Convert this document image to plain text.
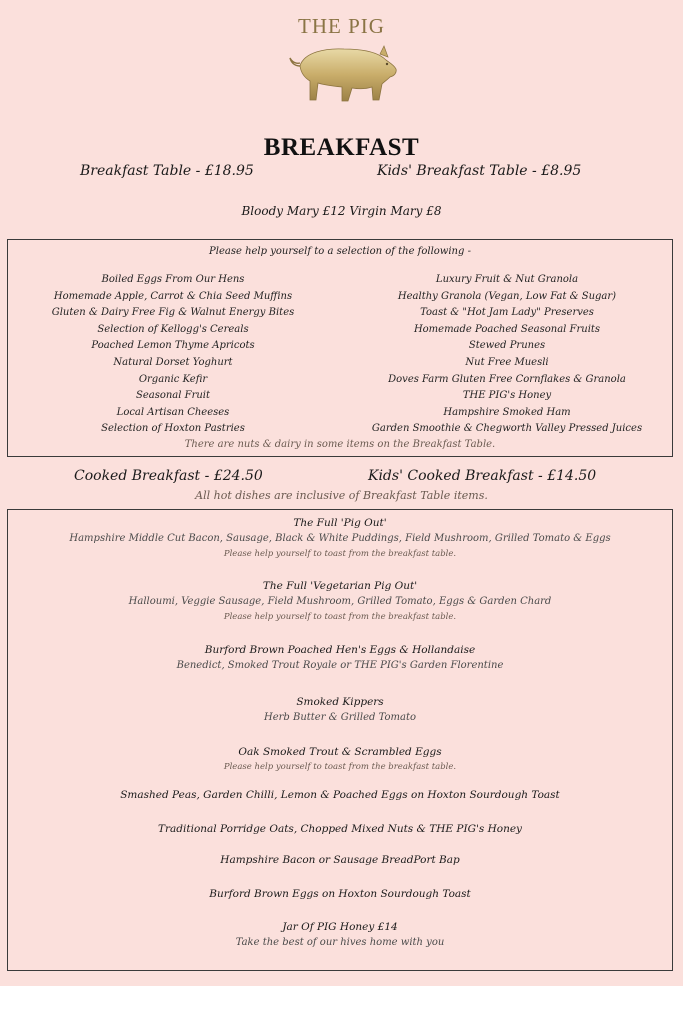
THE PIG
BREAKFAST
Breakfast Table - £18.95	Kids' Breakfast Table - £8.95
Bloody Mary £12 Virgin Mary £8
Please help yourself to a selection of the following -
Boiled Eggs From Our Hens
Homemade Apple, Carrot & Chia Seed Muffins
Gluten & Dairy Free Fig & Walnut Energy Bites
Selection of Kellogg's Cereals
Poached Lemon Thyme Apricots
Natural Dorset Yoghurt
Organic Kefir
Seasonal Fruit
Local Artisan Cheeses
Selection of Hoxton Pastries
Luxury Fruit & Nut Granola
Healthy Granola (Vegan, Low Fat & Sugar)
Toast & "Hot Jam Lady" Preserves
Homemade Poached Seasonal Fruits
Stewed Prunes
Nut Free Muesli
Doves Farm Gluten Free Cornflakes & Granola
THE PIG's Honey
Hampshire Smoked Ham
Garden Smoothie & Chegworth Valley Pressed Juices
There are nuts & dairy in some items on the Breakfast Table.
Cooked Breakfast - £24.50	Kids' Cooked Breakfast - £14.50
All hot dishes are inclusive of Breakfast Table items.
The Full 'Pig Out'
Hampshire Middle Cut Bacon, Sausage, Black & White Puddings, Field Mushroom, Grilled Tomato & Eggs
Please help yourself to toast from the breakfast table.
The Full 'Vegetarian Pig Out'
Halloumi, Veggie Sausage, Field Mushroom, Grilled Tomato, Eggs & Garden Chard
Please help yourself to toast from the breakfast table.
Burford Brown Poached Hen's Eggs & Hollandaise
Benedict, Smoked Trout Royale or THE PIG's Garden Florentine
Smoked Kippers
Herb Butter & Grilled Tomato
Oak Smoked Trout & Scrambled Eggs
Please help yourself to toast from the breakfast table.
Smashed Peas, Garden Chilli, Lemon & Poached Eggs on Hoxton Sourdough Toast
Traditional Porridge Oats, Chopped Mixed Nuts & THE PIG's Honey
Hampshire Bacon or Sausage BreadPort Bap
Burford Brown Eggs on Hoxton Sourdough Toast
Jar Of PIG Honey £14
Take the best of our hives home with you
